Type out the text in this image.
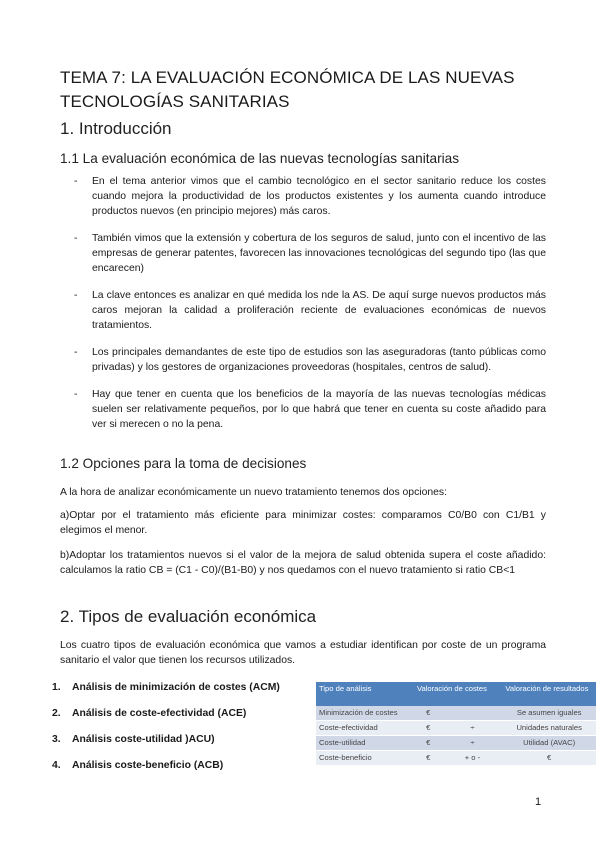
TEMA 7: LA EVALUACIÓN ECONÓMICA DE LAS NUEVAS TECNOLOGÍAS SANITARIAS
1. Introducción
1.1 La evaluación económica de las nuevas tecnologías sanitarias
- En el tema anterior vimos que el cambio tecnológico en el sector sanitario reduce los costes cuando mejora la productividad de los productos existentes y los aumenta cuando introduce productos nuevos (en principio mejores) más caros.
- También vimos que la extensión y cobertura de los seguros de salud, junto con el incentivo de las empresas de generar patentes, favorecen las innovaciones tecnológicas del segundo tipo (las que encarecen)
- La clave entonces es analizar en qué medida los nde la AS. De aquí surge nuevos productos más caros mejoran la calidad a proliferación reciente de evaluaciones económicas de nuevos tratamientos.
- Los principales demandantes de este tipo de estudios son las aseguradoras (tanto públicas como privadas) y los gestores de organizaciones proveedoras (hospitales, centros de salud).
- Hay que tener en cuenta que los beneficios de la mayoría de las nuevas tecnologías médicas suelen ser relativamente pequeños, por lo que habrá que tener en cuenta su coste añadido para ver si merecen o no la pena.
1.2 Opciones para la toma de decisiones
A la hora de analizar económicamente un nuevo tratamiento tenemos dos opciones:
a)Optar por el tratamiento más eficiente para minimizar costes: comparamos C0/B0 con C1/B1 y elegimos el menor.
b)Adoptar los tratamientos nuevos si el valor de la mejora de salud obtenida supera el coste añadido: calculamos la ratio CB = (C1 - C0)/(B1-B0) y nos quedamos con el nuevo tratamiento si ratio CB<1
2. Tipos de evaluación económica
Los cuatro tipos de evaluación económica que vamos a estudiar identifican por coste de un programa sanitario el valor que tienen los recursos utilizados.
1. Análisis de minimización de costes (ACM)
2. Análisis de coste-efectividad (ACE)
3. Análisis coste-utilidad )ACU)
4. Análisis coste-beneficio (ACB)
Tipo de análisis	Valoración de costes		Valoración de resultados
Minimización de costes	€		Se asumen iguales
Coste-efectividad	€	÷	Unidades naturales
Coste-utilidad	€	÷	Utilidad (AVAC)
Coste-beneficio	€	+ o -	€
1
